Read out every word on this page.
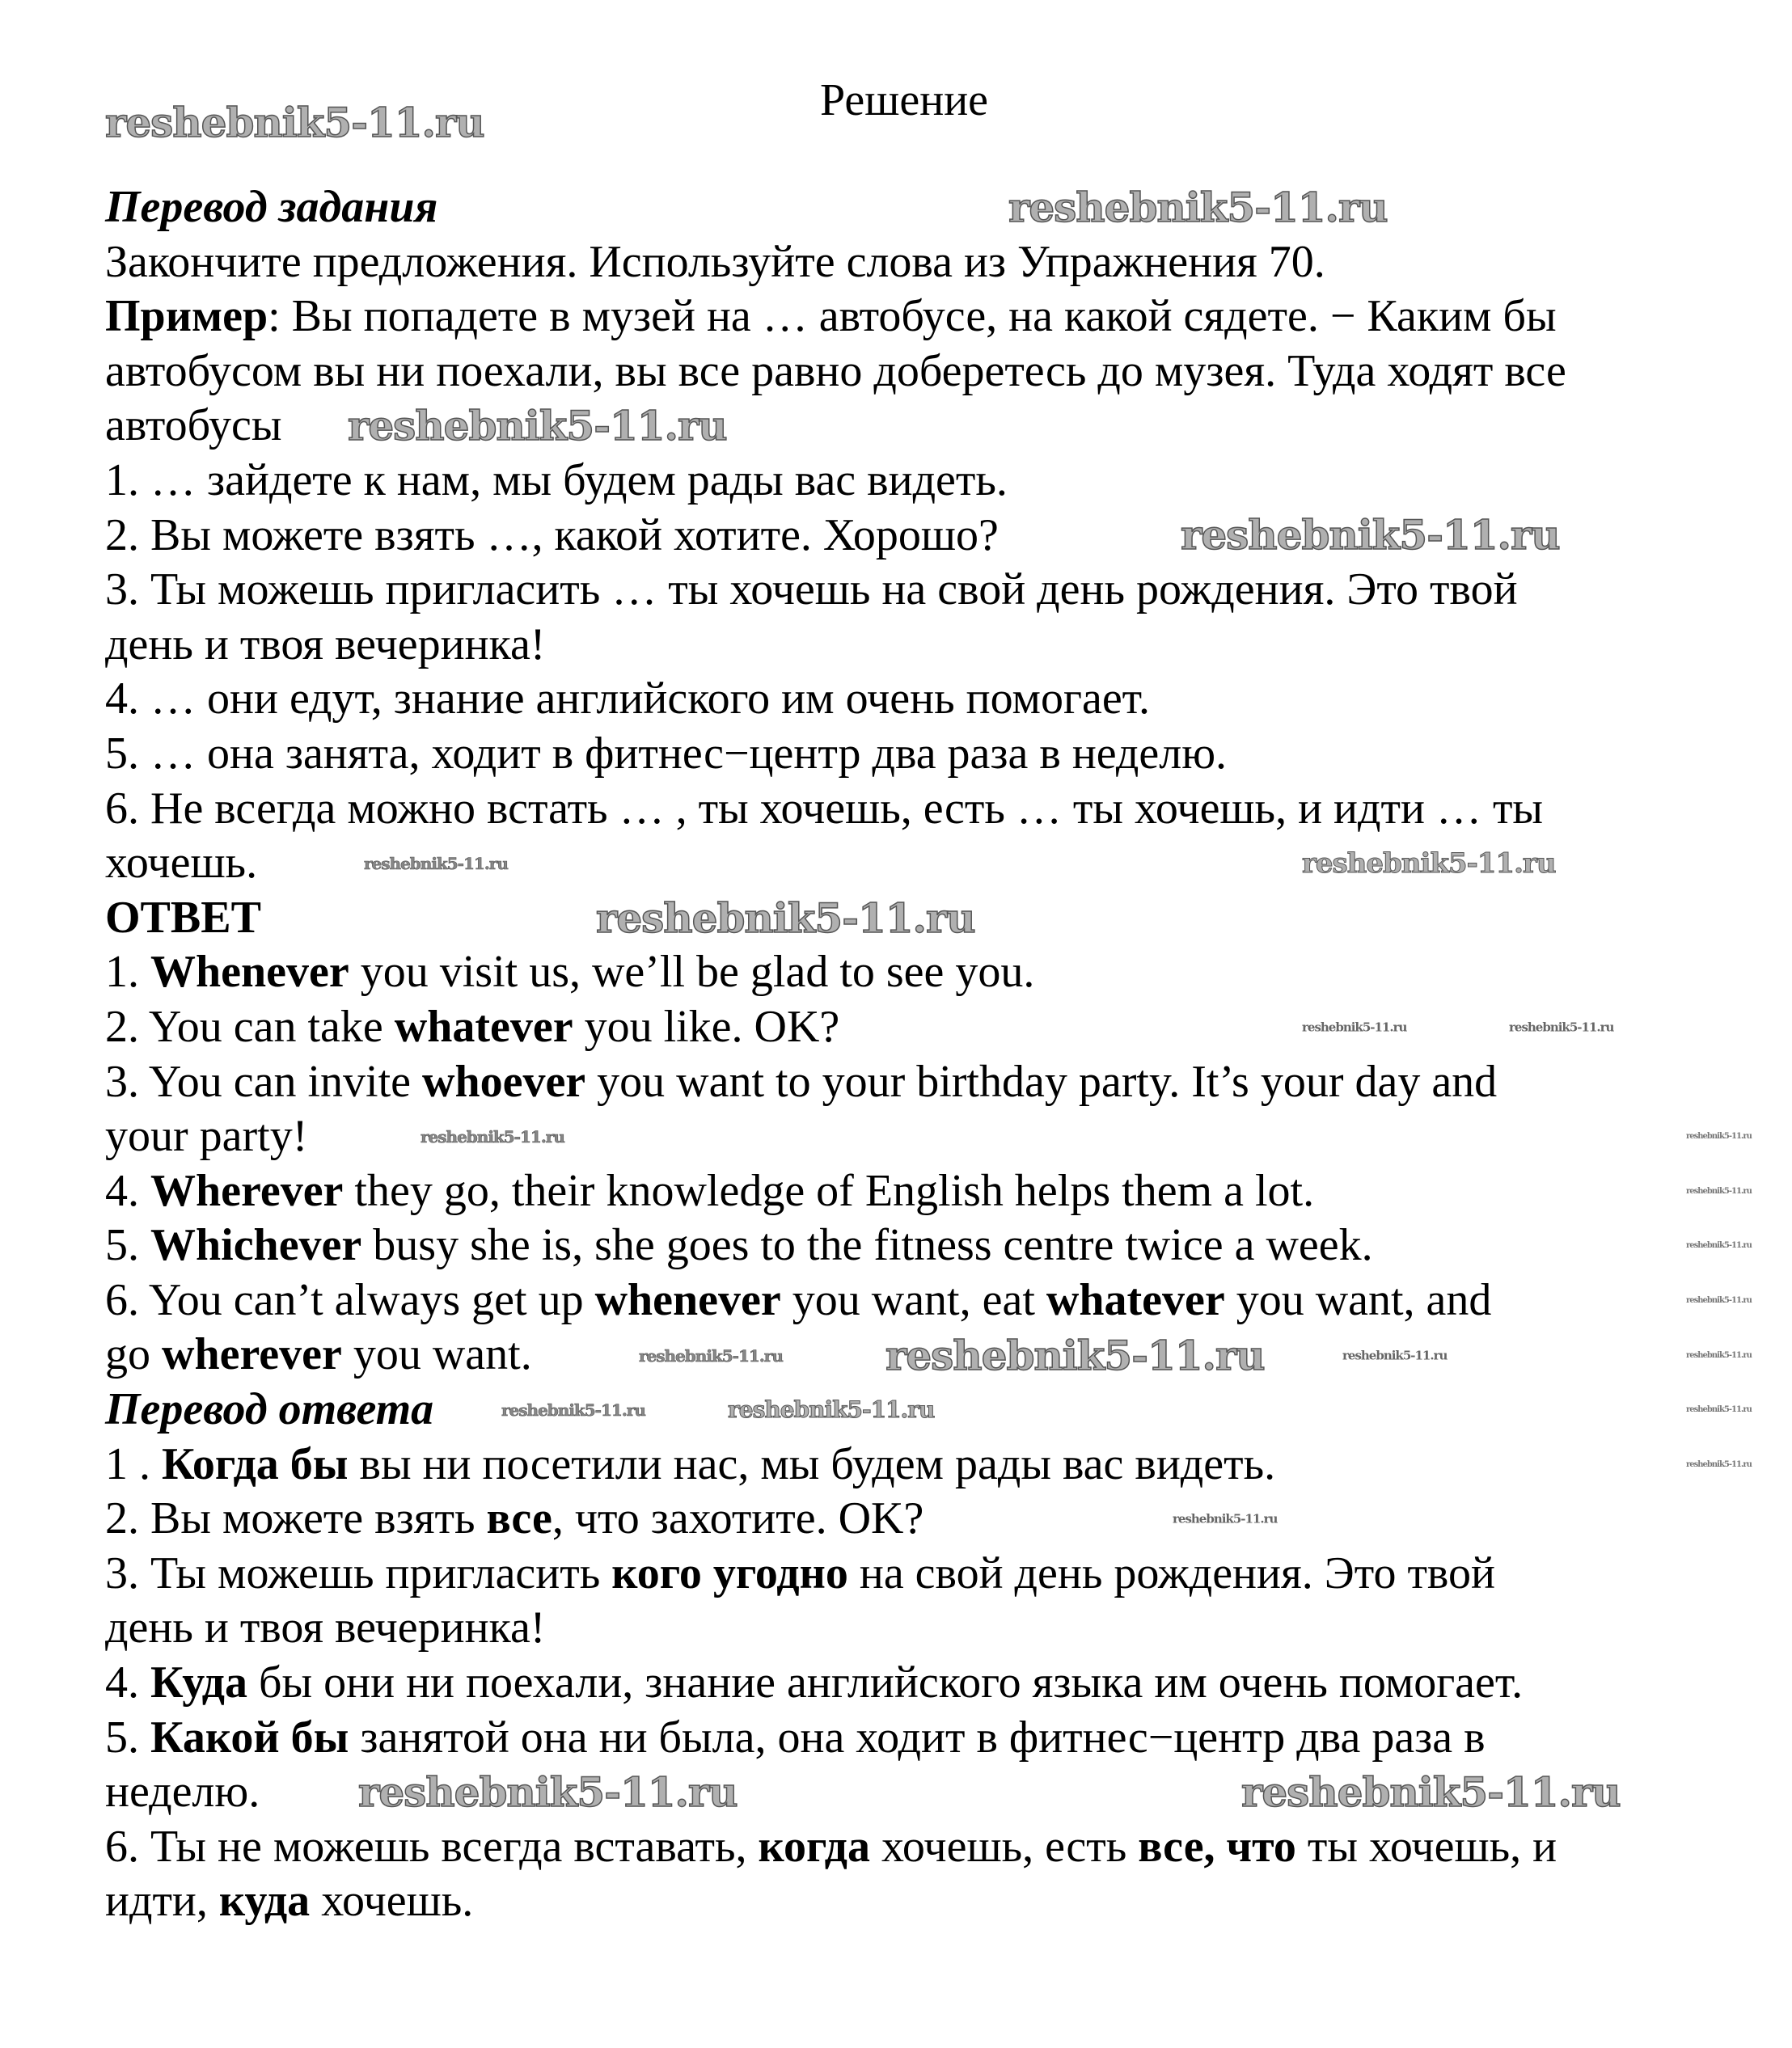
Решение
Перевод задания
Закончите предложения. Используйте слова из Упражнения 70.
Пример: Вы попадете в музей на … автобусе, на какой сядете. − Каким бы
автобусом вы ни поехали, вы все равно доберетесь до музея. Туда ходят все
автобусы
1. … зайдете к нам, мы будем рады вас видеть.
2. Вы можете взять …, какой хотите. Хорошо?
3. Ты можешь пригласить … ты хочешь на свой день рождения. Это твой
день и твоя вечеринка!
4. … они едут, знание английского им очень помогает.
5. … она занята, ходит в фитнес−центр два раза в неделю.
6. Не всегда можно встать … , ты хочешь, есть … ты хочешь, и идти … ты
хочешь.
ОТВЕТ
1. Whenever you visit us, we’ll be glad to see you.
2. You can take whatever you like. OK?
3. You can invite whoever you want to your birthday party. It’s your day and
your party!
4. Wherever they go, their knowledge of English helps them a lot.
5. Whichever busy she is, she goes to the fitness centre twice a week.
6. You can’t always get up whenever you want, eat whatever you want, and
go wherever you want.
Перевод ответа
1 . Когда бы вы ни посетили нас, мы будем рады вас видеть.
2. Вы можете взять все, что захотите. OK?
3. Ты можешь пригласить кого угодно на свой день рождения. Это твой
день и твоя вечеринка!
4. Куда бы они ни поехали, знание английского языка им очень помогает.
5. Какой бы занятой она ни была, она ходит в фитнес−центр два раза в
неделю.
6. Ты не можешь всегда вставать, когда хочешь, есть все, что ты хочешь, и
идти, куда хочешь.
reshebnik5-11.ru
reshebnik5-11.ru
reshebnik5-11.ru
reshebnik5-11.ru
reshebnik5-11.ru	reshebnik5-11.ru
reshebnik5-11.ru
reshebnik5-11.ru	reshebnik5-11.ru
reshebnik5-11.ru	reshebnik5-11.ru
reshebnik5-11.ru
reshebnik5-11.ru
reshebnik5-11.ru
reshebnik5-11.ru
reshebnik5-11.ru
reshebnik5-11.ru
reshebnik5-11.ru
reshebnik5-11.ru	reshebnik5-11.ru
reshebnik5-11.ru	reshebnik5-11.ru
reshebnik5-11.ru
reshebnik5-11.ru	reshebnik5-11.ru
